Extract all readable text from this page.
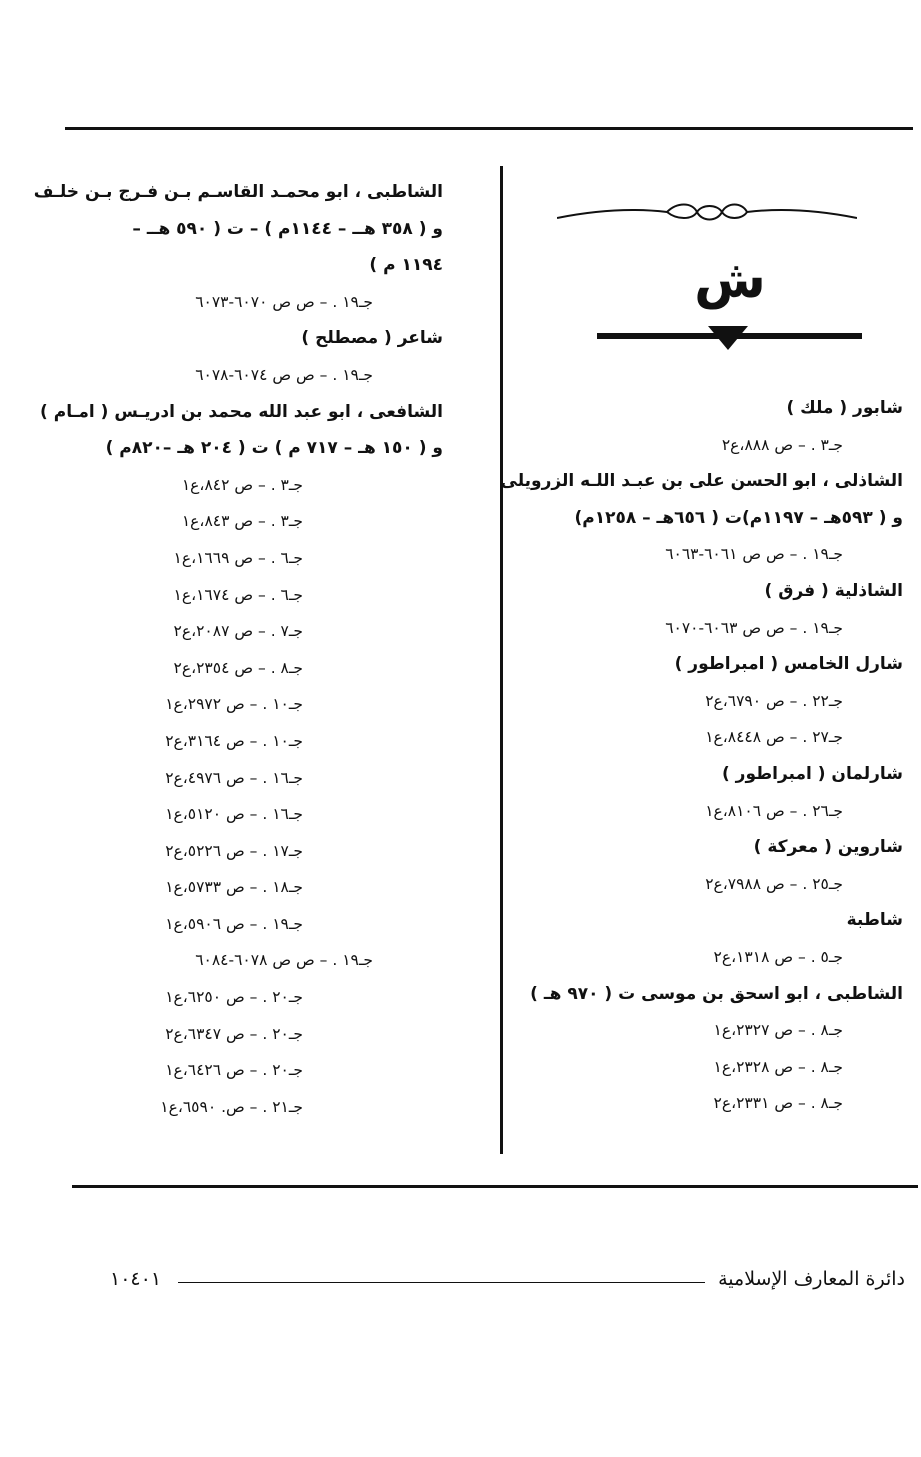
ش
شابور ( ملك )
جـ٣ . – ص ٨٨٨،ع٢
الشاذلى ، ابو الحسن على بن عبـد اللـه الزرويلى
و ( ٥٩٣هـ – ١١٩٧م)ت ( ٦٥٦هـ – ١٢٥٨م)
جـ١٩ . – ص ص ٦٠٦١-٦٠٦٣
الشاذلية ( فرق )
جـ١٩ . – ص ص ٦٠٦٣-٦٠٧٠
شارل الخامس ( امبراطور )
جـ٢٢ . – ص ٦٧٩٠،ع٢
جـ٢٧ . – ص ٨٤٤٨،ع١
شارلمان ( امبراطور )
جـ٢٦ . – ص ٨١٠٦،ع١
شاروين ( معركة )
جـ٢٥ . – ص ٧٩٨٨،ع٢
شاطبة
جـ٥ . – ص ١٣١٨،ع٢
الشاطبى ، ابو اسحق بن موسى ت ( ٩٧٠ هـ )
جـ٨ . – ص ٢٣٢٧،ع١
جـ٨ . – ص ٢٣٢٨،ع١
جـ٨ . – ص ٢٣٣١،ع٢
الشاطبى ، ابو محمـد القاسـم بـن فـرج بـن خلـف
و ( ٣٥٨ هــ – ١١٤٤م ) – ت ( ٥٩٠ هــ –
١١٩٤ م )
جـ١٩ . – ص ص ٦٠٧٠-٦٠٧٣
شاعر ( مصطلح )
جـ١٩ . – ص ص ٦٠٧٤-٦٠٧٨
الشافعى ، ابو عبد الله محمد بن ادريـس ( امـام )
و ( ١٥٠ هـ – ٧١٧ م ) ت ( ٢٠٤ هـ –٨٢٠م )
جـ٣ . – ص ٨٤٢،ع١
جـ٣ . – ص ٨٤٣،ع١
جـ٦ . – ص ١٦٦٩،ع١
جـ٦ . – ص ١٦٧٤،ع١
جـ٧ . – ص ٢٠٨٧،ع٢
جـ٨ . – ص ٢٣٥٤،ع٢
جـ١٠ . – ص ٢٩٧٢،ع١
جـ١٠ . – ص ٣١٦٤،ع٢
جـ١٦ . – ص ٤٩٧٦،ع٢
جـ١٦ . – ص ٥١٢٠،ع١
جـ١٧ . – ص ٥٢٢٦،ع٢
جـ١٨ . – ص ٥٧٣٣،ع١
جـ١٩ . – ص ٥٩٠٦،ع١
جـ١٩ . – ص ص ٦٠٧٨-٦٠٨٤
جـ٢٠ . – ص ٦٢٥٠،ع١
جـ٢٠ . – ص ٦٣٤٧،ع٢
جـ٢٠ . – ص ٦٤٢٦،ع١
جـ٢١ . – ص. ٦٥٩٠،ع١
دائرة المعارف الإسلامية
١٠٤٠١
